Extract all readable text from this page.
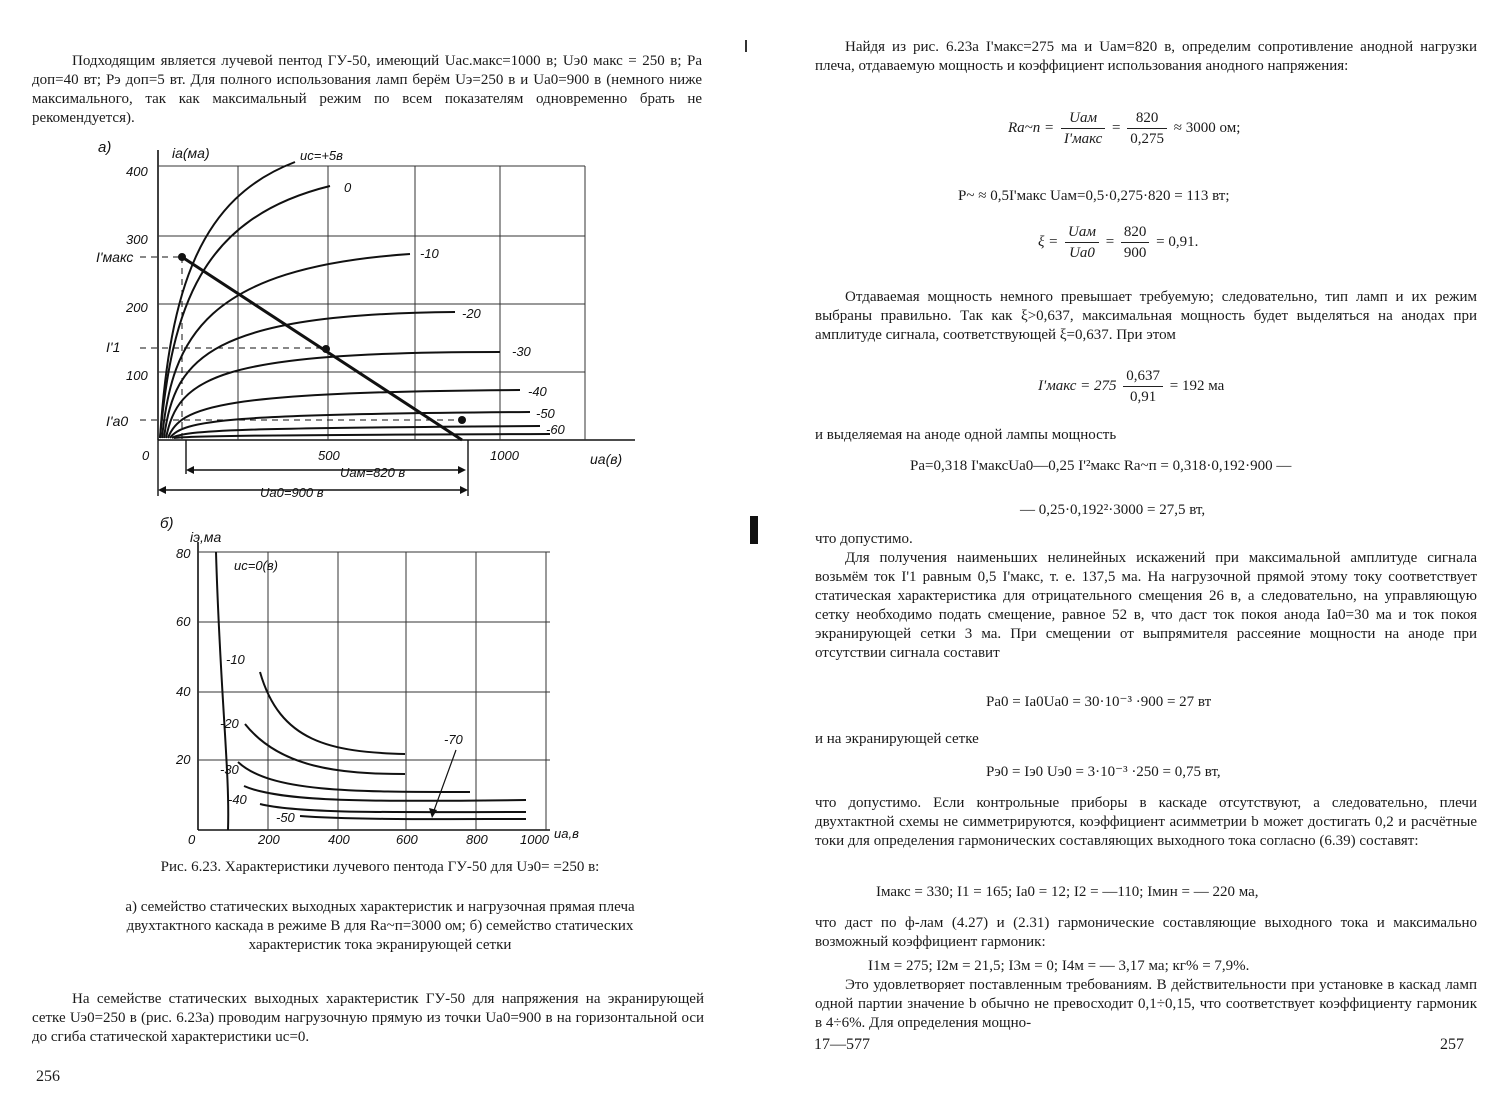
Подходящим является лучевой пентод ГУ-50, имеющий Uac.макс=1000 в; Uэ0 макс = 250 в; Pа доп=40 вт; Pэ доп=5 вт. Для полного использования ламп берём Uэ=250 в и Uа0=900 в (немного ниже максимального, так как максимальный режим по всем показателям одновременно брать не рекомендуется).

а)	ia(ма)
ua(в)
400
300
200
100
0	500	1000
I'макс
I'1
I'а0
uс=+5в
0
-10
-20
-30
-40
-50
-60
Uам=820 в
Uа0=900 в
б)
iэ,ма
80
60
40
20
0	200	400	600	800 1000 uа,в
uс=0(в)
-10
-20
-30
-40
-50
-70
Рис. 6.23. Характеристики лучевого пентода ГУ-50 для Uэ0= =250 в:
а) семейство статических выходных характеристик и нагрузочная прямая плеча двухтактного каскада в режиме В для Ra~п=3000 ом; б) семейство статических характеристик тока экранирующей сетки

На семействе статических выходных характеристик ГУ-50 для напряжения на экранирующей сетке Uэ0=250 в (рис. 6.23а) проводим нагрузочную прямую из точки Uа0=900 в на горизонтальной оси до сгиба статической характеристики uс=0.

256

Найдя из рис. 6.23а I'макс=275 ма и Uам=820 в, определим сопротивление анодной нагрузки плеча, отдаваемую мощность и коэффициент использования анодного напряжения:

Ra~п = $\frac{\text{Uам}}{\text{I'макс}} = \frac{820}{0,275} \approx 3000$ ом;
P~ ≈ 0,5I'макс Uам=0,5·0,275·820 = 113 вт;
$\xi = \frac{\text{Uам}}{Uа0} = \frac{820}{900} = 0,91$.

Отдаваемая мощность немного превышает требуемую; следовательно, тип ламп и их режим выбраны правильно. Так как ξ>0,637, максимальная мощность будет выделяться на анодах при амплитуде сигнала, соответствующей ξ=0,637. При этом

I'макс = $275 \frac{0,637}{0,91} = 192$ ма

и выделяемая на аноде одной лампы мощность

Pа=0,318 I'максUа0—0,25 I'²макс Ra~п = 0,318·0,192·900 —
— 0,25·0,192²·3000 = 27,5 вт,

что допустимо.

Для получения наименьших нелинейных искажений при максимальной амплитуде сигнала возьмём ток I'1 равным 0,5 I'макс, т. е. 137,5 ма. На нагрузочной прямой этому току соответствует статическая характеристика для отрицательного смещения 26 в, а следовательно, на управляющую сетку необходимо подать смещение, равное 52 в, что даст ток покоя анода Iа0=30 ма и ток покоя экранирующей сетки 3 ма. При смещении от выпрямителя рассеяние мощности на аноде при отсутствии сигнала составит

Pа0 = Iа0Uа0 = 30·10⁻³ ·900 = 27 вт

и на экранирующей сетке

Pэ0 = Iэ0 Uэ0 = 3·10⁻³ ·250 = 0,75 вт,

что допустимо. Если контрольные приборы в каскаде отсутствуют, а следовательно, плечи двухтактной схемы не симметрируются, коэффициент асимметрии b может достигать 0,2 и расчётные токи для определения гармонических составляющих выходного тока согласно (6.39) составят:

Iмакс = 330; I1 = 165; Iа0 = 12; I2 = —110; Iмин = — 220 ма,

что даст по ф-лам (4.27) и (2.31) гармонические составляющие выходного тока и максимально возможный коэффициент гармоник:

I1м = 275; I2м = 21,5; I3м = 0; I4м = — 3,17 ма; кг% = 7,9%.

Это удовлетворяет поставленным требованиям. В действительности при установке в каскад ламп одной партии значение b обычно не превосходит 0,1÷0,15, что соответствует коэффициенту гармоник в 4÷6%. Для определения мощно-

17—577	257
